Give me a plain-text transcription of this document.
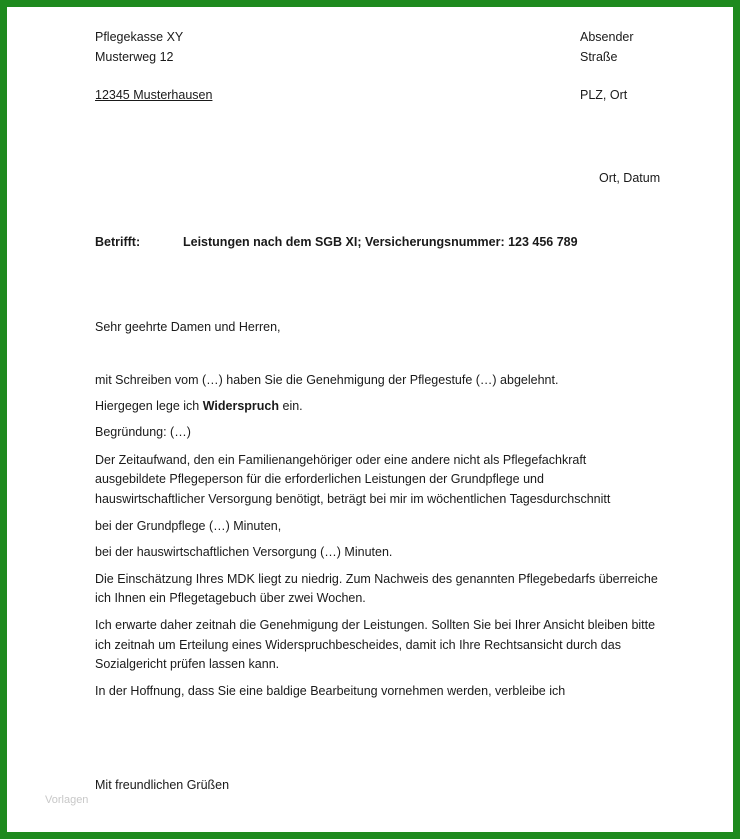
Pflegekasse XY
Musterweg 12
12345 Musterhausen
Absender
Straße
PLZ, Ort
Ort, Datum
Betrifft:	Leistungen nach dem SGB XI; Versicherungsnummer: 123 456 789
Sehr geehrte Damen und Herren,
mit Schreiben vom (…) haben Sie die Genehmigung der Pflegestufe (…) abgelehnt.
Hiergegen lege ich Widerspruch ein.
Begründung: (…)
Der Zeitaufwand, den ein Familienangehöriger oder eine andere nicht als Pflegefachkraft
ausgebildete Pflegeperson für die erforderlichen Leistungen der Grundpflege und
hauswirtschaftlicher Versorgung benötigt, beträgt bei mir im wöchentlichen Tagesdurchschnitt
bei der Grundpflege (…) Minuten,
bei der hauswirtschaftlichen Versorgung (…) Minuten.
Die Einschätzung Ihres MDK liegt zu niedrig. Zum Nachweis des genannten Pflegebedarfs überreiche
ich Ihnen ein Pflegetagebuch über zwei Wochen.
Ich erwarte daher zeitnah die Genehmigung der Leistungen. Sollten Sie bei Ihrer Ansicht bleiben bitte
ich zeitnah um Erteilung eines Widerspruchbescheides, damit ich Ihre Rechtsansicht durch das
Sozialgericht prüfen lassen kann.
In der Hoffnung, dass Sie eine baldige Bearbeitung vornehmen werden, verbleibe ich
Mit freundlichen Grüßen
Vorlagen
